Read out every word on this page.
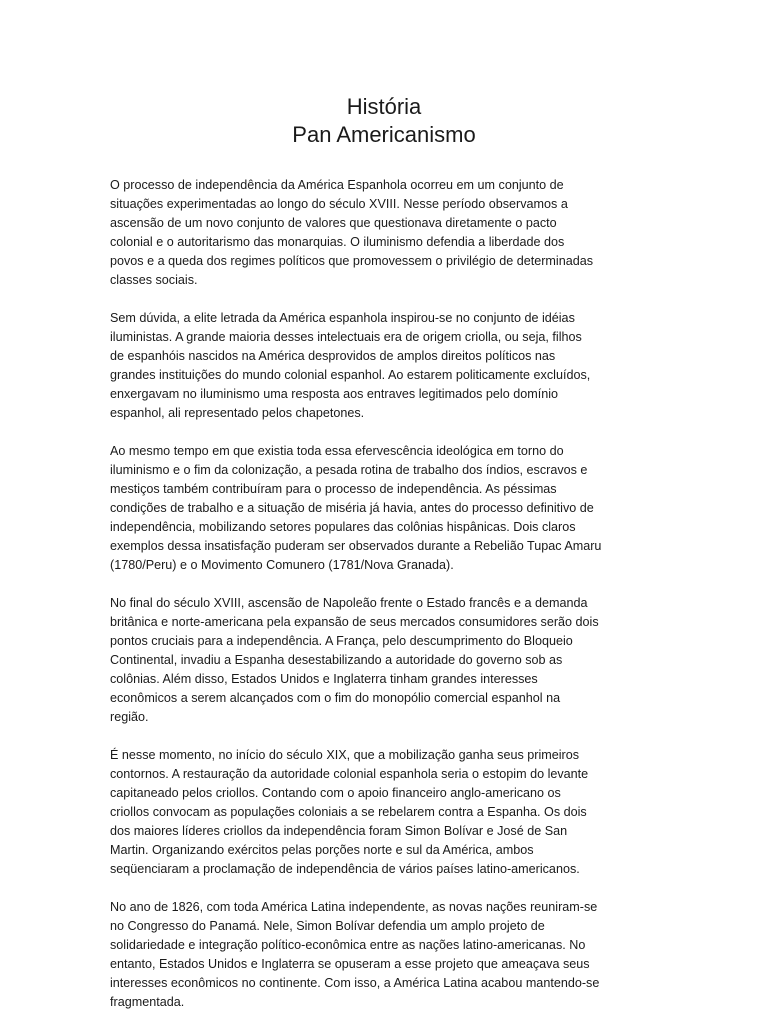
História
Pan Americanismo

O processo de independência da América Espanhola ocorreu em um conjunto de
situações experimentadas ao longo do século XVIII. Nesse período observamos a
ascensão de um novo conjunto de valores que questionava diretamente o pacto
colonial e o autoritarismo das monarquias. O iluminismo defendia a liberdade dos
povos e a queda dos regimes políticos que promovessem o privilégio de determinadas
classes sociais.

Sem dúvida, a elite letrada da América espanhola inspirou-se no conjunto de idéias
iluministas. A grande maioria desses intelectuais era de origem criolla, ou seja, filhos
de espanhóis nascidos na América desprovidos de amplos direitos políticos nas
grandes instituições do mundo colonial espanhol. Ao estarem politicamente excluídos,
enxergavam no iluminismo uma resposta aos entraves legitimados pelo domínio
espanhol, ali representado pelos chapetones.

Ao mesmo tempo em que existia toda essa efervescência ideológica em torno do
iluminismo e o fim da colonização, a pesada rotina de trabalho dos índios, escravos e
mestiços também contribuíram para o processo de independência. As péssimas
condições de trabalho e a situação de miséria já havia, antes do processo definitivo de
independência, mobilizando setores populares das colônias hispânicas. Dois claros
exemplos dessa insatisfação puderam ser observados durante a Rebelião Tupac Amaru
(1780/Peru) e o Movimento Comunero (1781/Nova Granada).

No final do século XVIII, ascensão de Napoleão frente o Estado francês e a demanda
britânica e norte-americana pela expansão de seus mercados consumidores serão dois
pontos cruciais para a independência. A França, pelo descumprimento do Bloqueio
Continental, invadiu a Espanha desestabilizando a autoridade do governo sob as
colônias. Além disso, Estados Unidos e Inglaterra tinham grandes interesses
econômicos a serem alcançados com o fim do monopólio comercial espanhol na
região.

É nesse momento, no início do século XIX, que a mobilização ganha seus primeiros
contornos. A restauração da autoridade colonial espanhola seria o estopim do levante
capitaneado pelos criollos. Contando com o apoio financeiro anglo-americano os
criollos convocam as populações coloniais a se rebelarem contra a Espanha. Os dois
dos maiores líderes criollos da independência foram Simon Bolívar e José de San
Martin. Organizando exércitos pelas porções norte e sul da América, ambos
seqüenciaram a proclamação de independência de vários países latino-americanos.

No ano de 1826, com toda América Latina independente, as novas nações reuniram-se
no Congresso do Panamá. Nele, Simon Bolívar defendia um amplo projeto de
solidariedade e integração político-econômica entre as nações latino-americanas. No
entanto, Estados Unidos e Inglaterra se opuseram a esse projeto que ameaçava seus
interesses econômicos no continente. Com isso, a América Latina acabou mantendo-se
fragmentada.
